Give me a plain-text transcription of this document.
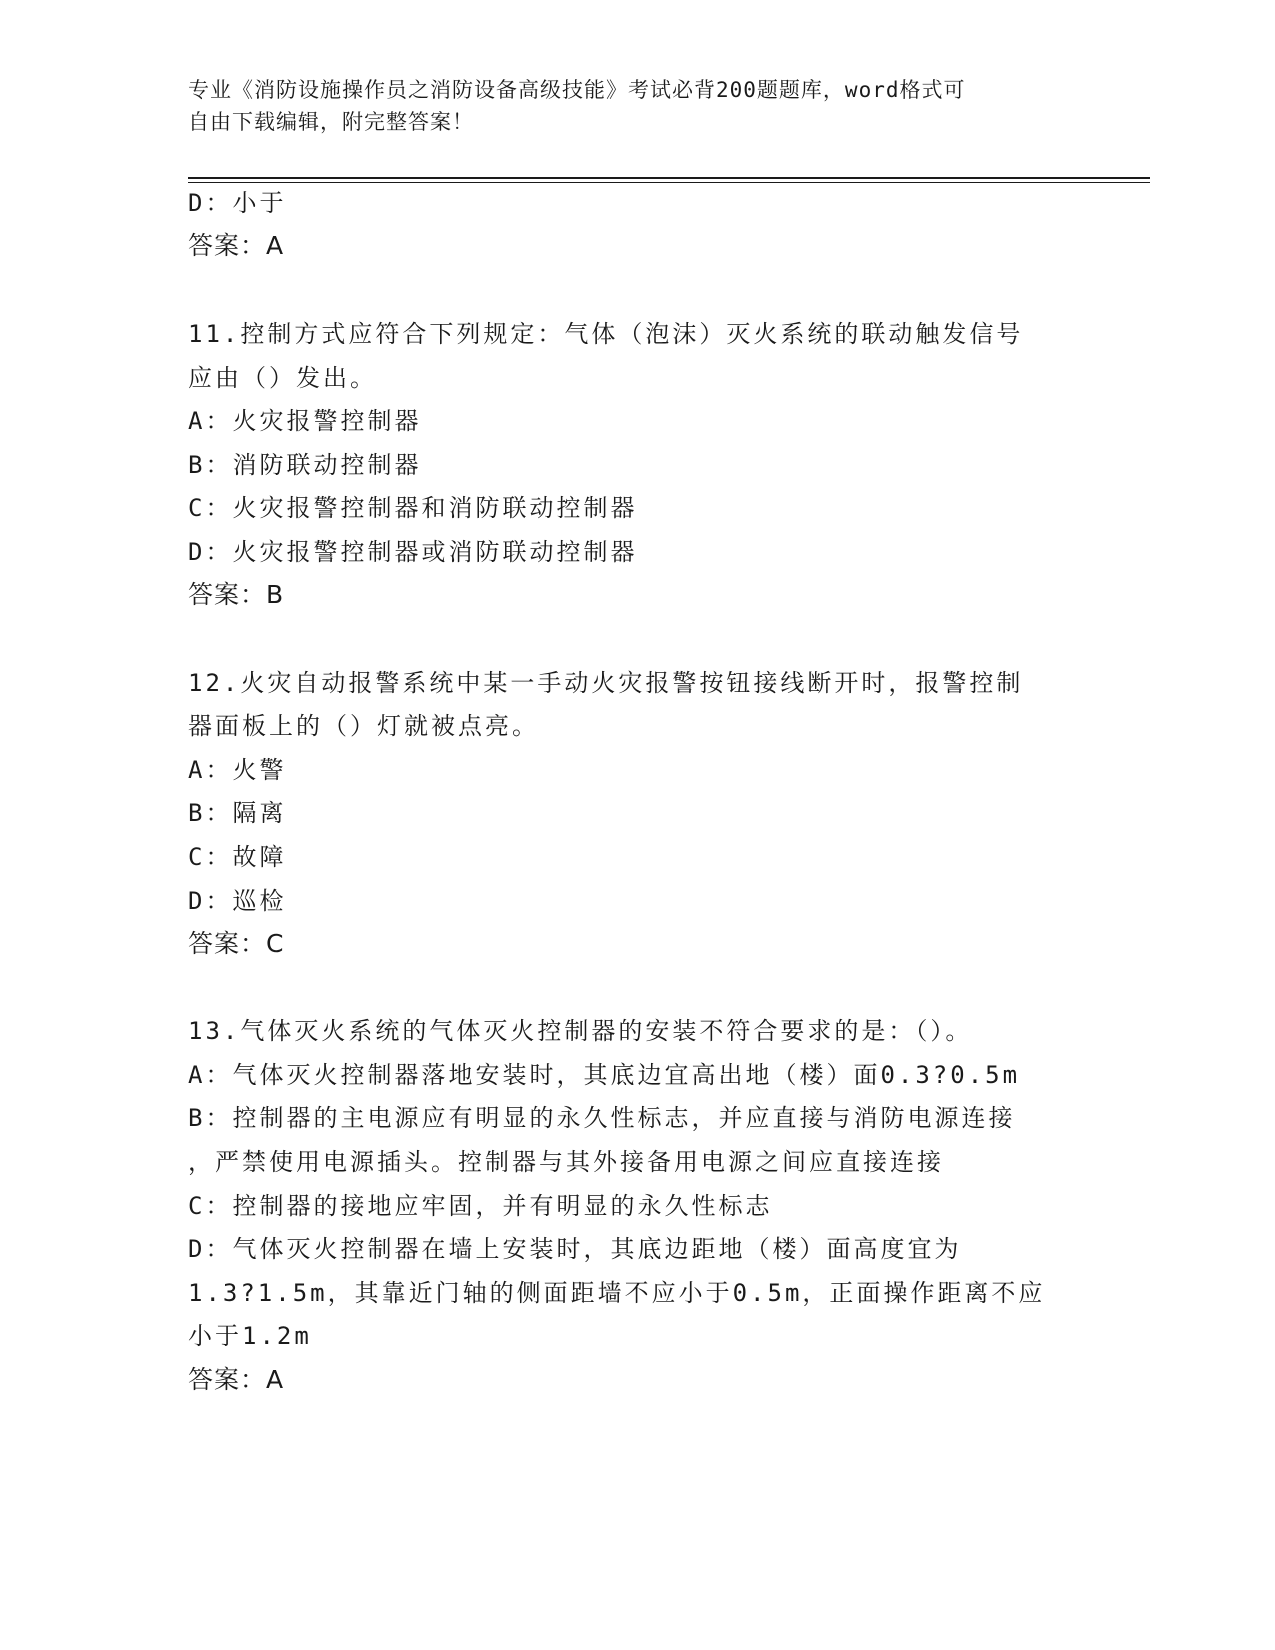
专业《消防设施操作员之消防设备高级技能》考试必背200题题库，word格式可
自由下载编辑，附完整答案！
D：小于
答案：A
11.控制方式应符合下列规定：气体（泡沫）灭火系统的联动触发信号
应由（）发出。
A：火灾报警控制器
B：消防联动控制器
C：火灾报警控制器和消防联动控制器
D：火灾报警控制器或消防联动控制器
答案：B
12.火灾自动报警系统中某一手动火灾报警按钮接线断开时，报警控制
器面板上的（）灯就被点亮。
A：火警
B：隔离
C：故障
D：巡检
答案：C
13.气体灭火系统的气体灭火控制器的安装不符合要求的是：（）。
A：气体灭火控制器落地安装时，其底边宜高出地（楼）面0.3?0.5m
B：控制器的主电源应有明显的永久性标志，并应直接与消防电源连接
，严禁使用电源插头。控制器与其外接备用电源之间应直接连接
C：控制器的接地应牢固，并有明显的永久性标志
D：气体灭火控制器在墙上安装时，其底边距地（楼）面高度宜为
1.3?1.5m，其靠近门轴的侧面距墙不应小于0.5m，正面操作距离不应
小于1.2m
答案：A
